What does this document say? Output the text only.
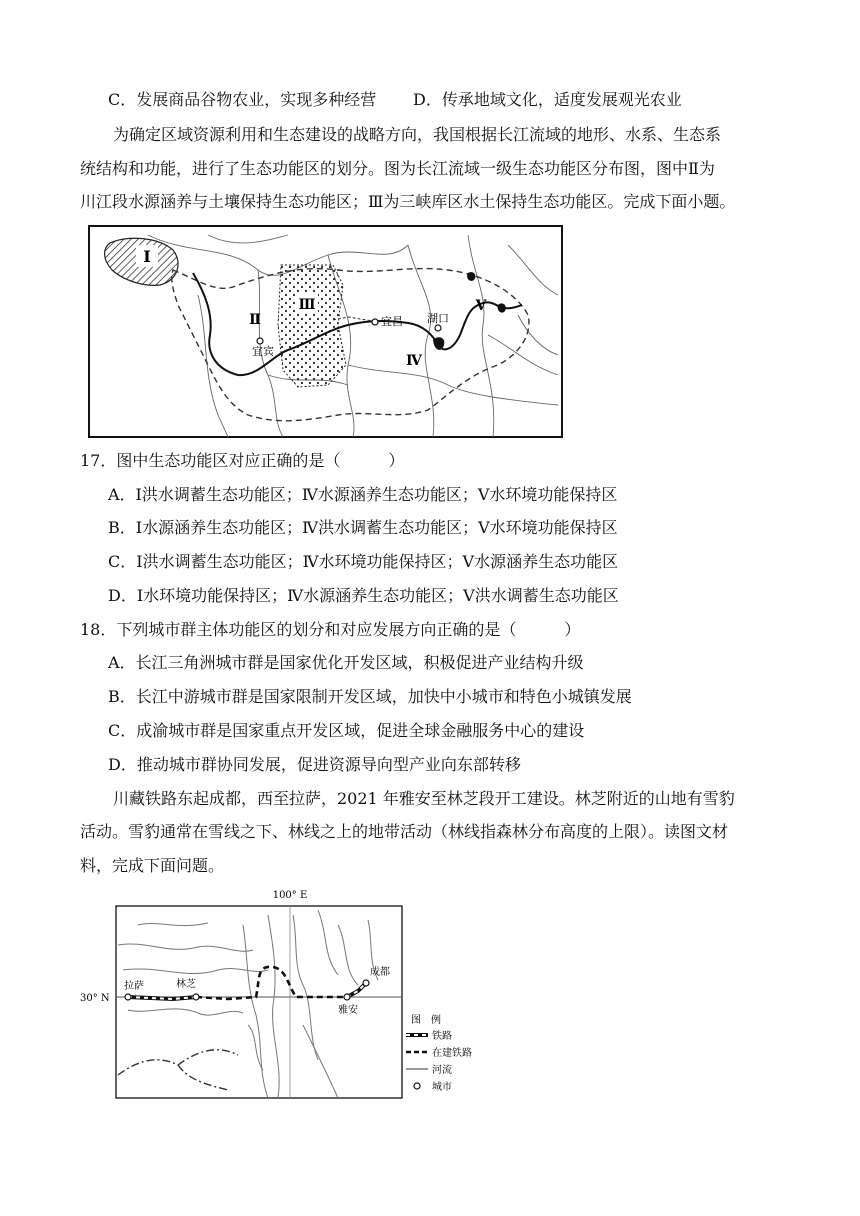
C．发展商品谷物农业，实现多种经营 D．传承地域文化，适度发展观光农业
为确定区域资源利用和生态建设的战略方向，我国根据长江流域的地形、水系、生态系
统结构和功能，进行了生态功能区的划分。图为长江流域一级生态功能区分布图，图中Ⅱ为
川江段水源涵养与土壤保持生态功能区；Ⅲ为三峡库区水土保持生态功能区。完成下面小题。
Ⅰ
Ⅲ
Ⅱ
宜宾
宜昌 湖口
Ⅳ
Ⅴ
17．图中生态功能区对应正确的是（　　　）
A．Ⅰ洪水调蓄生态功能区；Ⅳ水源涵养生态功能区；Ⅴ水环境功能保持区
B．Ⅰ水源涵养生态功能区；Ⅳ洪水调蓄生态功能区；Ⅴ水环境功能保持区
C．Ⅰ洪水调蓄生态功能区；Ⅳ水环境功能保持区；Ⅴ水源涵养生态功能区
D．Ⅰ水环境功能保持区；Ⅳ水源涵养生态功能区；Ⅴ洪水调蓄生态功能区
18．下列城市群主体功能区的划分和对应发展方向正确的是（　　　）
A．长江三角洲城市群是国家优化开发区域，积极促进产业结构升级
B．长江中游城市群是国家限制开发区域，加快中小城市和特色小城镇发展
C．成渝城市群是国家重点开发区域，促进全球金融服务中心的建设
D．推动城市群协同发展，促进资源导向型产业向东部转移
川藏铁路东起成都，西至拉萨，2021 年雅安至林芝段开工建设。林芝附近的山地有雪豹
活动。雪豹通常在雪线之下、林线之上的地带活动（林线指森林分布高度的上限）。读图文材
料，完成下面问题。
100° E
30° N
拉萨	林芝
雅安
成都
图　例
铁路
在建铁路
河流
城市
